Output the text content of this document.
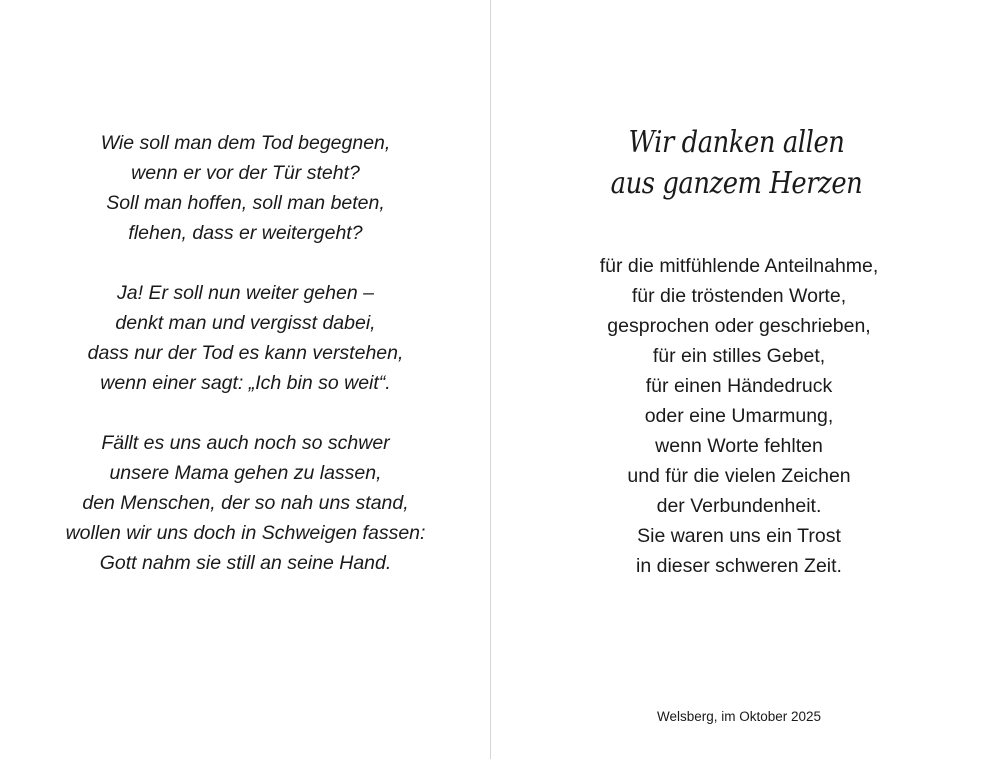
Wie soll man dem Tod begegnen,
wenn er vor der Tür steht?
Soll man hoffen, soll man beten,
flehen, dass er weitergeht?
Ja! Er soll nun weiter gehen –
denkt man und vergisst dabei,
dass nur der Tod es kann verstehen,
wenn einer sagt: „Ich bin so weit“.
Fällt es uns auch noch so schwer
unsere Mama gehen zu lassen,
den Menschen, der so nah uns stand,
wollen wir uns doch in Schweigen fassen:
Gott nahm sie still an seine Hand.
Wir danken allen
aus ganzem Herzen
für die mitfühlende Anteilnahme,
für die tröstenden Worte,
gesprochen oder geschrieben,
für ein stilles Gebet,
für einen Händedruck
oder eine Umarmung,
wenn Worte fehlten
und für die vielen Zeichen
der Verbundenheit.
Sie waren uns ein Trost
in dieser schweren Zeit.
Welsberg, im Oktober 2025
